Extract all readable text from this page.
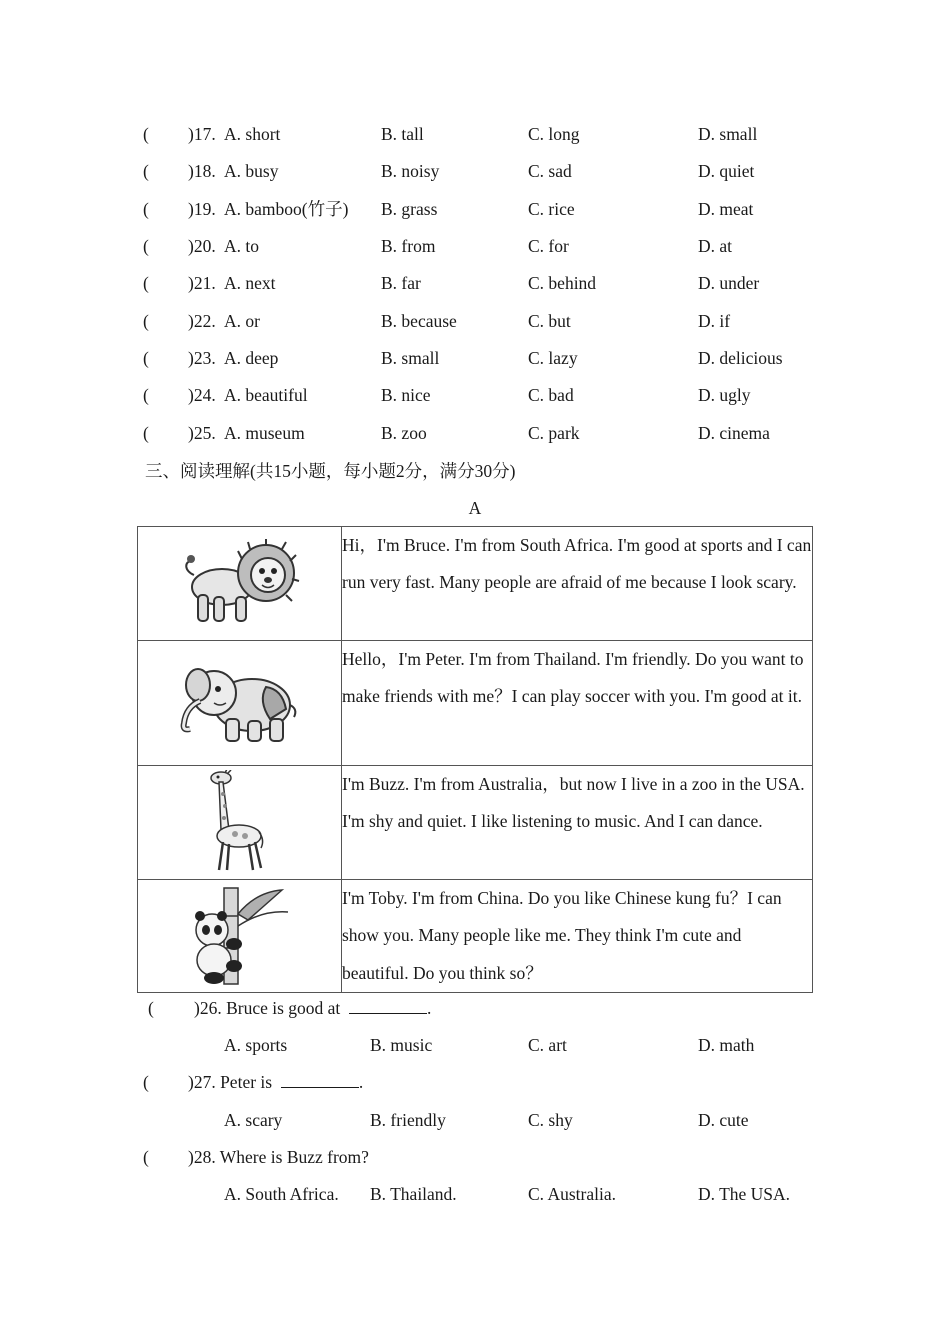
( )17. A. short	B. tall	C. long	D. small
( )18. A. busy	B. noisy	C. sad	D. quiet
( )19. A. bamboo(竹子) B. grass	C. rice	D. meat
( )20. A. to	B. from	C. for	D. at
( )21. A. next	B. far	C. behind	D. under
( )22. A. or	B. because	C. but	D. if
( )23. A. deep	B. small	C. lazy	D. delicious
( )24. A. beautiful	B. nice	C. bad	D. ugly
( )25. A. museum	B. zoo	C. park	D. cinema
三、阅读理解(共15小题，每小题2分，满分30分)
A
	Hi，I'm Bruce. I'm from South Africa. I'm good at sports and I can run very fast. Many people are afraid of me because I look scary.

	Hello，I'm Peter. I'm from Thailand. I'm friendly. Do you want to make friends with me？I can play soccer with you. I'm good at it.

	I'm Buzz. I'm from Australia，but now I live in a zoo in the USA. I'm shy and quiet. I like listening to music. And I can dance.

	I'm Toby. I'm from China. Do you like Chinese kung fu？I can show you. Many people like me. They think I'm cute and beautiful. Do you think so？
( )26. Bruce is good at	.
A. sports	B. music	C. art	D. math
( )27. Peter is	.
A. scary	B. friendly	C. shy	D. cute
( )28. Where is Buzz from?
A. South Africa. B. Thailand.	C. Australia.	D. The USA.
